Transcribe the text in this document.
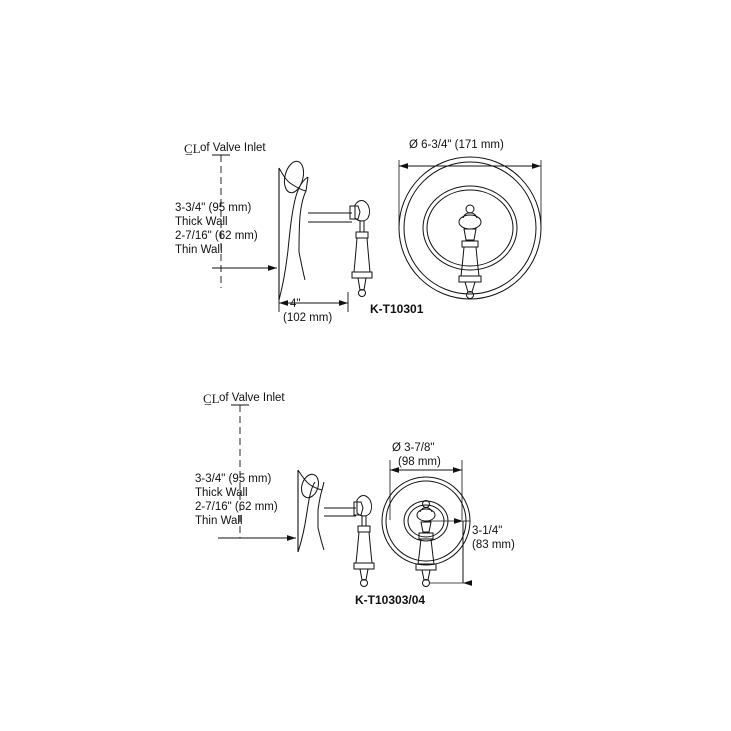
C̲L of Valve Inlet
3-3/4" (95 mm)
Thick Wall
2-7/16" (62 mm)
Thin Wall
4"
(102 mm)
Ø 6-3/4" (171 mm)
K-T10301
C̲L of Valve Inlet
3-3/4" (95 mm)
Thick Wall
2-7/16" (62 mm)
Thin Wall
Ø 3-7/8"
(98 mm)
3-1/4"
(83 mm)
K-T10303/04
